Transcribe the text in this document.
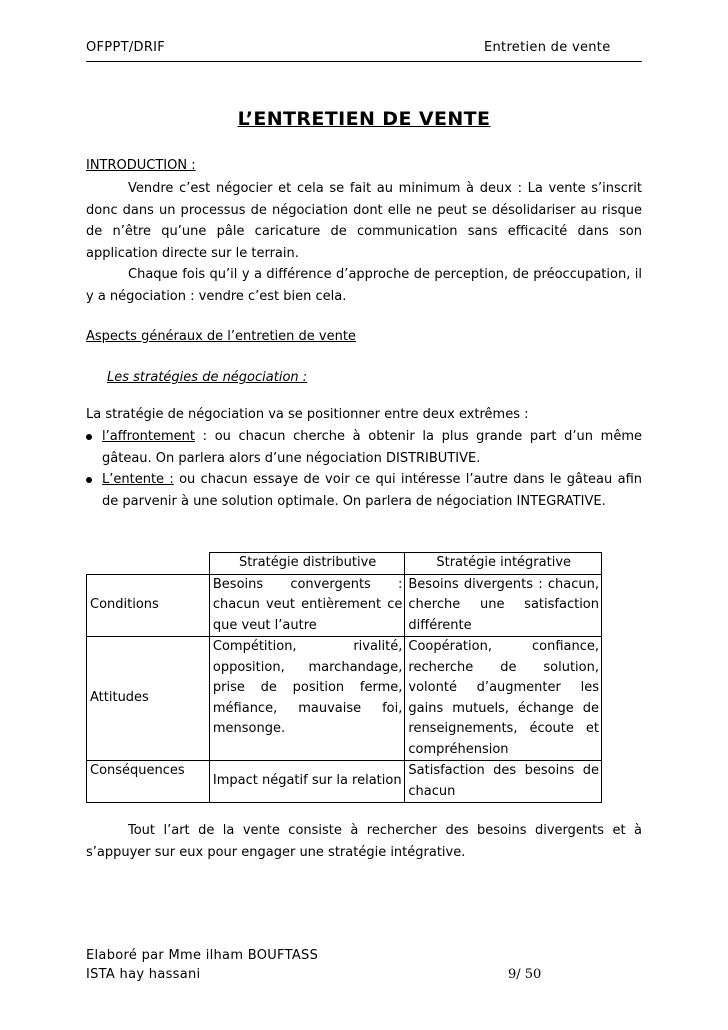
OFPPT/DRIF	Entretien de vente
L’ENTRETIEN DE VENTE
INTRODUCTION :

Vendre c’est négocier et cela se fait au minimum à deux : La vente s’inscrit donc dans un processus de négociation dont elle ne peut se désolidariser au risque de n’être qu’une pâle caricature de communication sans efficacité dans son application directe sur le terrain.

Chaque fois qu’il y a différence d’approche de perception, de préoccupation, il y a négociation : vendre c’est bien cela.

Aspects généraux de l’entretien de vente
Les stratégies de négociation :
La stratégie de négociation va se positionner entre deux extrêmes :
l’affrontement : ou chacun cherche à obtenir la plus grande part d’un même gâteau. On parlera alors d’une négociation DISTRIBUTIVE.
L’entente : ou chacun essaye de voir ce qui intéresse l’autre dans le gâteau afin de parvenir à une solution optimale. On parlera de négociation INTEGRATIVE.
	Stratégie distributive	Stratégie intégrative
Conditions	Besoins convergents : chacun veut entièrement ce que veut l’autre	Besoins divergents : chacun, cherche une satisfaction différente
Attitudes	Compétition, rivalité, opposition, marchandage, prise de position ferme, méfiance, mauvaise foi, mensonge.	Coopération, confiance, recherche de solution, volonté d’augmenter les gains mutuels, échange de renseignements, écoute et compréhension
Conséquences	Impact négatif sur la relation	Satisfaction des besoins de chacun

Tout l’art de la vente consiste à rechercher des besoins divergents et à s’appuyer sur eux pour engager une stratégie intégrative.

Elaboré par Mme ilham BOUFTASS
ISTA hay hassani	9/ 50
